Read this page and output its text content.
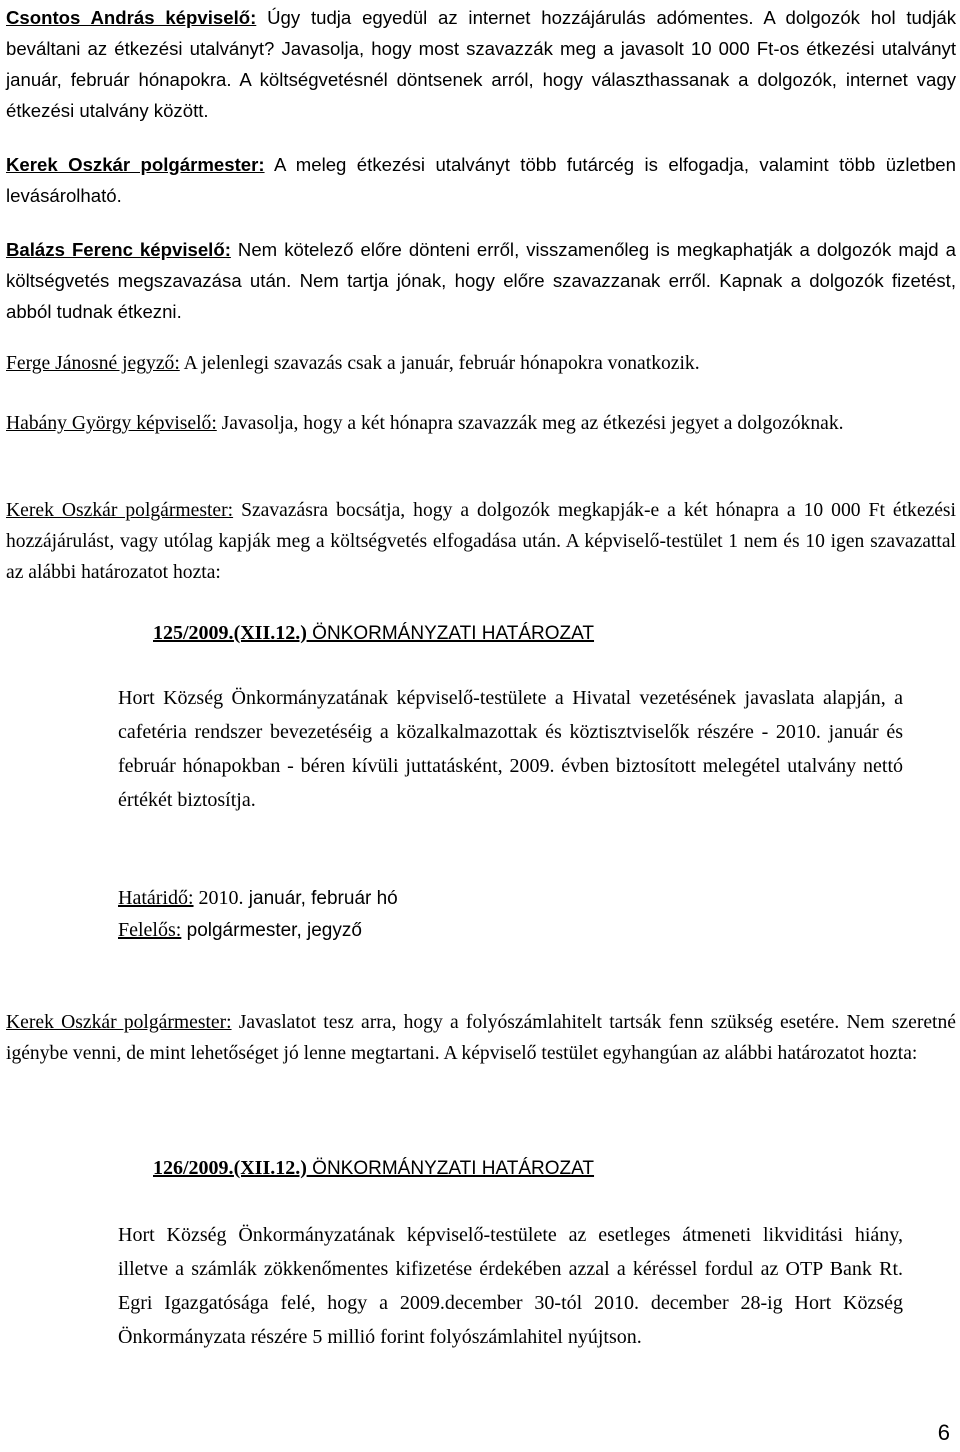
Csontos András képviselő: Úgy tudja egyedül az internet hozzájárulás adómentes. A dolgozók hol tudják beváltani az étkezési utalványt? Javasolja, hogy most szavazzák meg a javasolt 10 000 Ft-os étkezési utalványt január, február hónapokra. A költségvetésnél döntsenek arról, hogy választhassanak a dolgozók, internet vagy étkezési utalvány között.

Kerek Oszkár polgármester: A meleg étkezési utalványt több futárcég is elfogadja, valamint több üzletben levásárolható.

Balázs Ferenc képviselő: Nem kötelező előre dönteni erről, visszamenőleg is megkaphatják a dolgozók majd a költségvetés megszavazása után. Nem tartja jónak, hogy előre szavazzanak erről. Kapnak a dolgozók fizetést, abból tudnak étkezni.

Ferge Jánosné jegyző: A jelenlegi szavazás csak a január, február hónapokra vonatkozik.

Habány György képviselő: Javasolja, hogy a két hónapra szavazzák meg az étkezési jegyet a dolgozóknak.

Kerek Oszkár polgármester: Szavazásra bocsátja, hogy a dolgozók megkapják-e a két hónapra a 10 000 Ft étkezési hozzájárulást, vagy utólag kapják meg a költségvetés elfogadása után. A képviselő-testület 1 nem és 10 igen szavazattal az alábbi határozatot hozta:

125/2009.(XII.12.) ÖNKORMÁNYZATI HATÁROZAT

Hort Község Önkormányzatának képviselő-testülete a Hivatal vezetésének javaslata alapján, a cafetéria rendszer bevezetéséig a közalkalmazottak és köztisztviselők részére - 2010. január és február hónapokban - béren kívüli juttatásként, 2009. évben biztosított melegétel utalvány nettó értékét biztosítja.

Határidő: 2010. január, február hó
Felelős: polgármester, jegyző

Kerek Oszkár polgármester: Javaslatot tesz arra, hogy a folyószámlahitelt tartsák fenn szükség esetére. Nem szeretné igénybe venni, de mint lehetőséget jó lenne megtartani. A képviselő testület egyhangúan az alábbi határozatot hozta:

126/2009.(XII.12.) ÖNKORMÁNYZATI HATÁROZAT

Hort Község Önkormányzatának képviselő-testülete az esetleges átmeneti likviditási hiány, illetve a számlák zökkenőmentes kifizetése érdekében azzal a kéréssel fordul az OTP Bank Rt. Egri Igazgatósága felé, hogy a 2009.december 30-tól 2010. december 28-ig Hort Község Önkormányzata részére 5 millió forint folyószámlahitel nyújtson.

6
